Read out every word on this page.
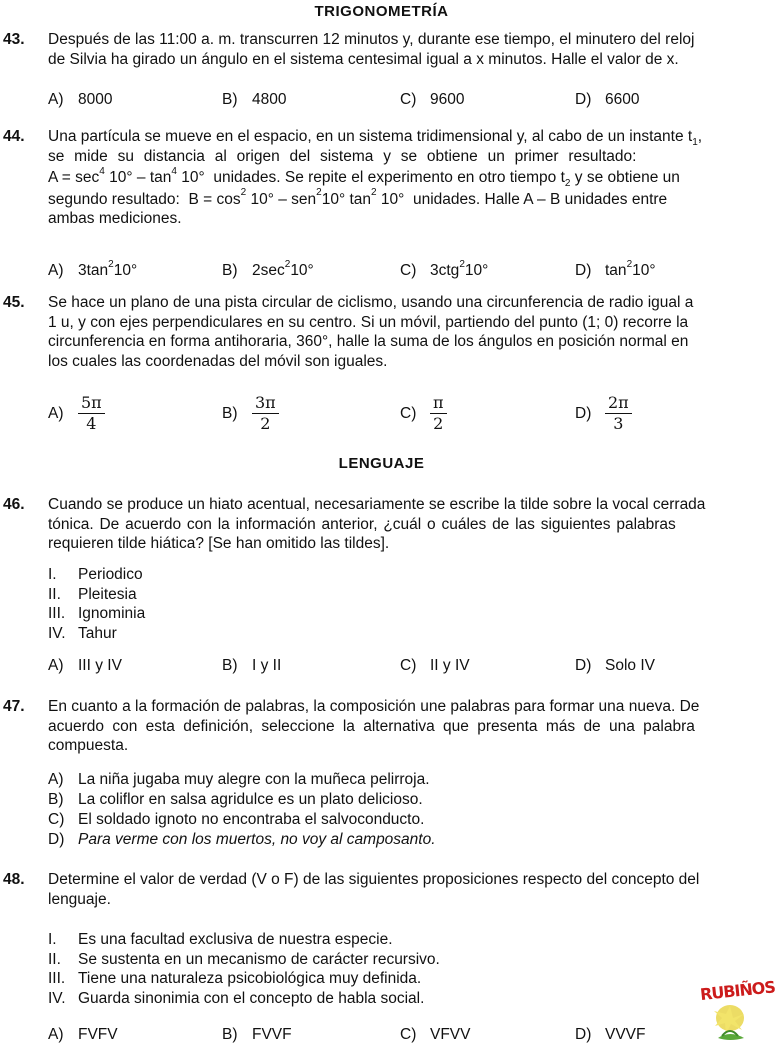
TRIGONOMETRÍA
43. Después de las 11:00 a. m. transcurren 12 minutos y, durante ese tiempo, el minutero del reloj
de Silvia ha girado un ángulo en el sistema centesimal igual a x minutos. Halle el valor de x.
A) 8000	B) 4800	C) 9600	D) 6600
44. Una partícula se mueve en el espacio, en un sistema tridimensional y, al cabo de un instante $t_1$,
se mide su distancia al origen del sistema y se obtiene un primer resultado:
$A = \sec^4 10^\circ - \tan^4 10^\circ$ unidades. Se repite el experimento en otro tiempo $t_2$ y se obtiene un
segundo resultado: $B = \cos^2 10^\circ - sen^210^\circ$ $\tan^2 10^\circ$ unidades. Halle A – B unidades entre
ambas mediciones.
A) $3\tan^210^\circ$	B) $2\sec^210^\circ$	C) 3ctg$^2$10°	D) $\tan^210^\circ$
45. Se hace un plano de una pista circular de ciclismo, usando una circunferencia de radio igual a
1 u, y con ejes perpendiculares en su centro. Si un móvil, partiendo del punto (1; 0) recorre la
circunferencia en forma antihoraria, 360°, halle la suma de los ángulos en posición normal en
los cuales las coordenadas del móvil son iguales.
$A) \frac{5\pi}{4}$	$B) \frac{3\pi}{2}$	$C) \frac{\pi}{2}$	$D) \frac{2\pi}{3}$
LENGUAJE
46. Cuando se produce un hiato acentual, necesariamente se escribe la tilde sobre la vocal cerrada
tónica. De acuerdo con la información anterior, ¿cuál o cuáles de las siguientes palabras
requieren tilde hiática? [Se han omitido las tildes].
I. Periodico
II. Pleitesia
III. Ignominia
IV. Tahur
A) III y IV	B) I y II	C) II y IV	D) Solo IV
47. En cuanto a la formación de palabras, la composición une palabras para formar una nueva. De
acuerdo con esta definición, seleccione la alternativa que presenta más de una palabra
compuesta.
A) La niña jugaba muy alegre con la muñeca pelirroja.
B) La coliflor en salsa agridulce es un plato delicioso.
C) El soldado ignoto no encontraba el salvoconducto.
D) Para verme con los muertos, no voy al camposanto.
48. Determine el valor de verdad (V o F) de las siguientes proposiciones respecto del concepto del
lenguaje.
I. Es una facultad exclusiva de nuestra especie.
II. Se sustenta en un mecanismo de carácter recursivo.
III. Tiene una naturaleza psicobiológica muy definida.
IV. Guarda sinonimia con el concepto de habla social.
A) FVFV	B) FVVF	C) VFVV	D) VVVF
RUBIÑOS
